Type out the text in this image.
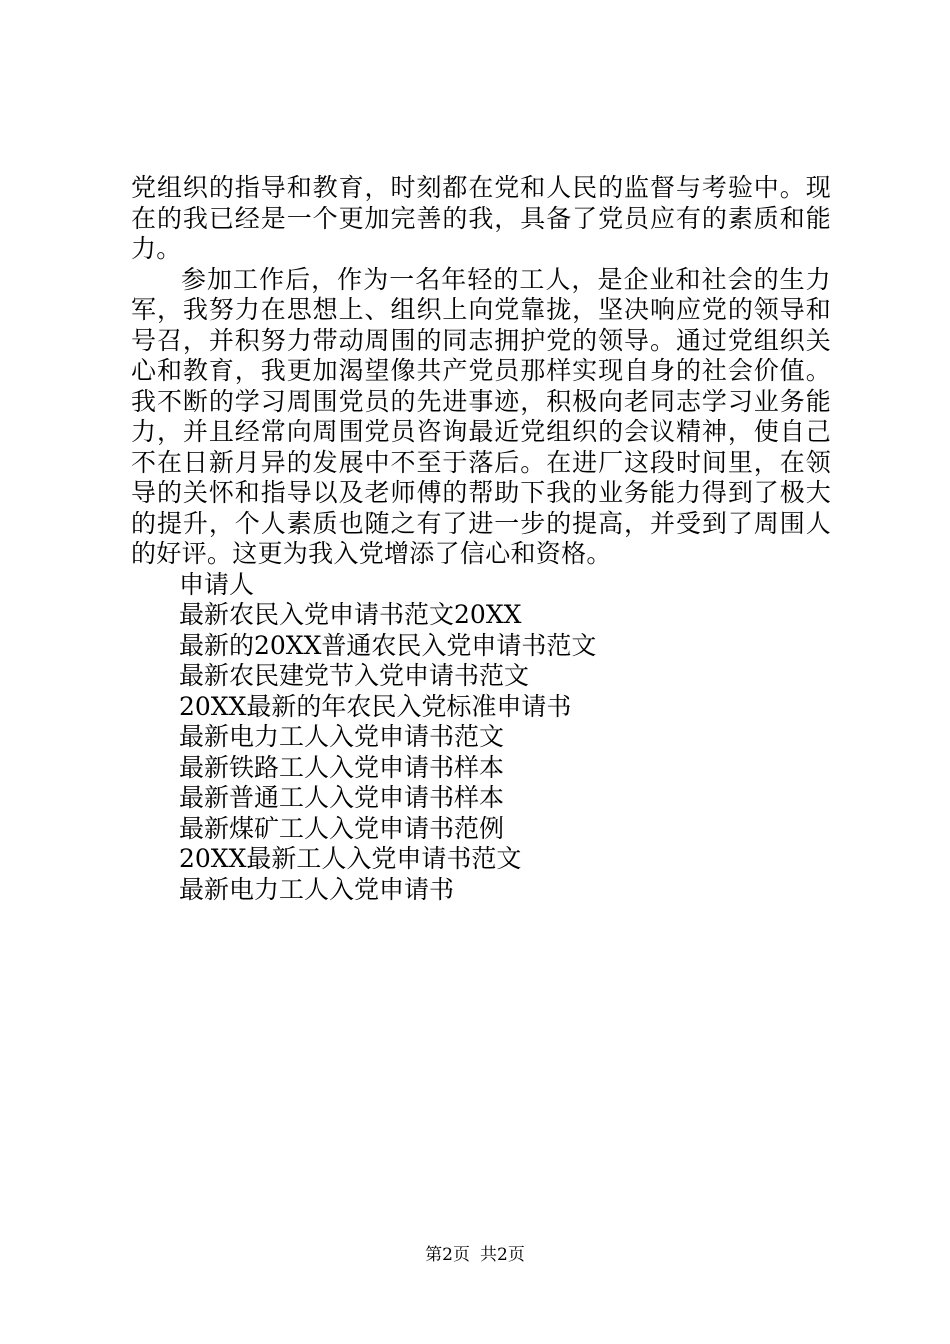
党组织的指导和教育，时刻都在党和人民的监督与考验中。现在的我已经是一个更加完善的我，具备了党员应有的素质和能力。

参加工作后，作为一名年轻的工人，是企业和社会的生力军，我努力在思想上、组织上向党靠拢，坚决响应党的领导和号召，并积努力带动周围的同志拥护党的领导。通过党组织关心和教育，我更加渴望像共产党员那样实现自身的社会价值。我不断的学习周围党员的先进事迹，积极向老同志学习业务能力，并且经常向周围党员咨询最近党组织的会议精神，使自己不在日新月异的发展中不至于落后。在进厂这段时间里，在领导的关怀和指导以及老师傅的帮助下我的业务能力得到了极大的提升，个人素质也随之有了进一步的提高，并受到了周围人的好评。这更为我入党增添了信心和资格。

申请人

最新农民入党申请书范文20XX
最新的20XX普通农民入党申请书范文
最新农民建党节入党申请书范文
20XX最新的年农民入党标准申请书
最新电力工人入党申请书范文
最新铁路工人入党申请书样本
最新普通工人入党申请书样本
最新煤矿工人入党申请书范例
20XX最新工人入党申请书范文
最新电力工人入党申请书
第2页 共2页
